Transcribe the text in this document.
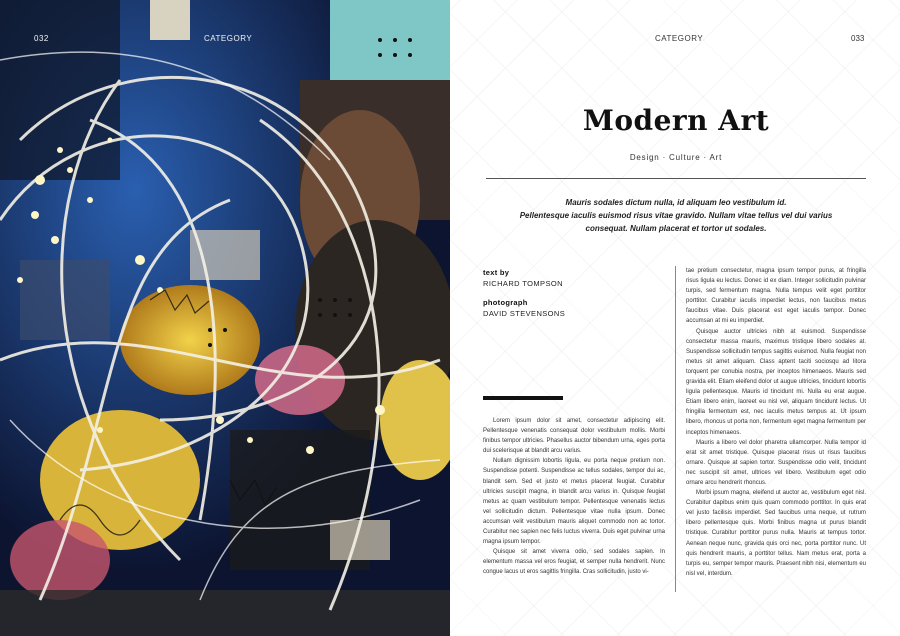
032	CATEGORY	CATEGORY	033
Modern Art
Design · Culture · Art
Mauris sodales dictum nulla, id aliquam leo vestibulum id.
Pellentesque iaculis euismod risus vitae gravido. Nullam vitae tellus vel dui varius
consequat. Nullam placerat et tortor ut sodales.
text by
RICHARD TOMPSON
photograph
DAVID STEVENSONS

Lorem ipsum dolor sit amet, consectetur adipiscing elit. Pellentesque venenatis consequat dolor vestibulum mollis. Morbi finibus tempor ultricies. Phasellus auctor bibendum urna, eges porta dui scelerisque at blandit arcu varius.

Nullam dignissim lobortis ligula, eu porta neque pretium non. Suspendisse potenti. Suspendisse ac tellus sodales, tempor dui ac, blandit sem. Sed et justo et metus placerat feugiat. Curabitur ultricies suscipit magna, in blandit arcu varius in. Quisque feugiat metus ac quam vestibulum tempor. Pellentesque venenatis lectus vel sollicitudin dictum. Pellentesque vitae nulla ipsum. Donec accumsan velit vestibulum mauris aliquet commodo non ac tortor. Curabitur nec sapien nec felis luctus viverra. Duis eget pulvinar urna magna ipsum tempor.

Quisque sit amet viverra odio, sed sodales sapien. In elementum massa vel eros feugiat, et semper nulla hendrerit. Nunc congue lacus ut eros sagittis fringilla. Cras sollicitudin, justo vi-

tae pretium consectetur, magna ipsum tempor purus, at fringilla risus ligula eu lectus. Donec id ex diam. Integer sollicitudin pulvinar turpis, sed fermentum magna. Nulla tempus velit eget porttitor porttitor. Curabitur iaculis imperdiet lectus, non faucibus metus faucibus vitae. Duis placerat est eget iaculis tempor. Donec accumsan at mi eu imperdiet.

Quisque auctor ultricies nibh at euismod. Suspendisse consectetur massa mauris, maximus tristique libero sodales at. Suspendisse sollicitudin tempus sagittis euismod. Nulla feugiat non metus sit amet aliquam. Class aptent taciti sociosqu ad litora torquent per conubia nostra, per inceptos himenaeos. Mauris sed gravida elit. Etiam eleifend dolor ut augue ultricies, tincidunt lobortis ligula pellentesque. Mauris id tincidunt mi. Nulla eu erat augue. Etiam libero enim, laoreet eu nisl vel, aliquam tincidunt lectus. Ut fringilla fermentum est, nec iaculis metus tempus at. Ut ipsum libero, rhoncus ut porta non, fermentum eget magna fermentum per inceptos himenaeos.

Mauris a libero vel dolor pharetra ullamcorper. Nulla tempor id erat sit amet tristique. Quisque placerat risus ut risus faucibus ornare. Quisque at sapien tortor. Suspendisse odio velit, tincidunt nec suscipit sit amet, ultrices vel libero. Vestibulum eget odio ornare arcu hendrerit rhoncus.

Morbi ipsum magna, eleifend ut auctor ac, vestibulum eget nisl. Curabitur dapibus enim quis quam commodo porttitor. In quis erat vel justo facilisis imperdiet. Sed faucibus urna neque, ut rutrum libero pellentesque quis. Morbi finibus magna ut purus blandit tristique. Curabitur porttitor purus nulla. Mauris at tempus tortor. Aenean neque nunc, gravida quis orci nec, porta porttitor nunc. Ut quis hendrerit mauris, a porttitor tellus. Nam metus erat, porta a turpis eu, semper tempor mauris. Praesent nibh nisi, elementum eu nisl vel, interdum.
